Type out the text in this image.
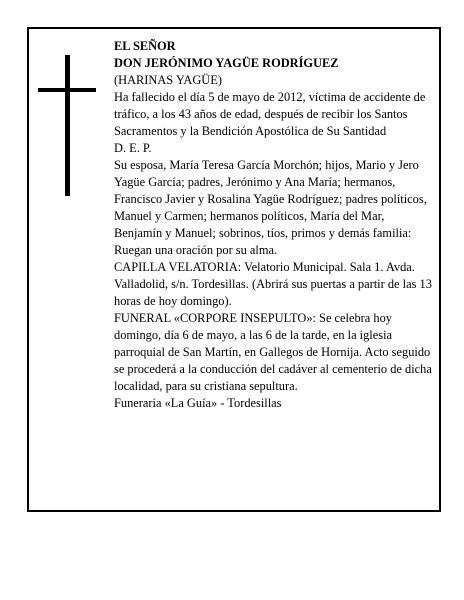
EL SEÑOR

DON JERÓNIMO YAGÜE RODRÍGUEZ

(HARINAS YAGÜE)

Ha fallecido el día 5 de mayo de 2012, víctima de accidente de tráfico, a los 43 años de edad, después de recibir los Santos Sacramentos y la Bendición Apostólica de Su Santidad

D. E. P.

Su esposa, María Teresa García Morchón; hijos, Mario y Jero Yagüe García; padres, Jerónimo y Ana María; hermanos, Francisco Javier y Rosalina Yagüe Rodríguez; padres políticos, Manuel y Carmen; hermanos políticos, María del Mar, Benjamín y Manuel; sobrinos, tíos, primos y demás familia:

Ruegan una oración por su alma.

CAPILLA VELATORIA: Velatorio Municipal. Sala 1. Avda. Valladolid, s/n. Tordesillas. (Abrirá sus puertas a partir de las 13 horas de hoy domingo).

FUNERAL «CORPORE INSEPULTO»: Se celebra hoy domingo, día 6 de mayo, a las 6 de la tarde, en la iglesia parroquial de San Martín, en Gallegos de Hornija. Acto seguido se procederá a la conducción del cadáver al cementerio de dicha localidad, para su cristiana sepultura.

Funeraria «La Guía» - Tordesillas
